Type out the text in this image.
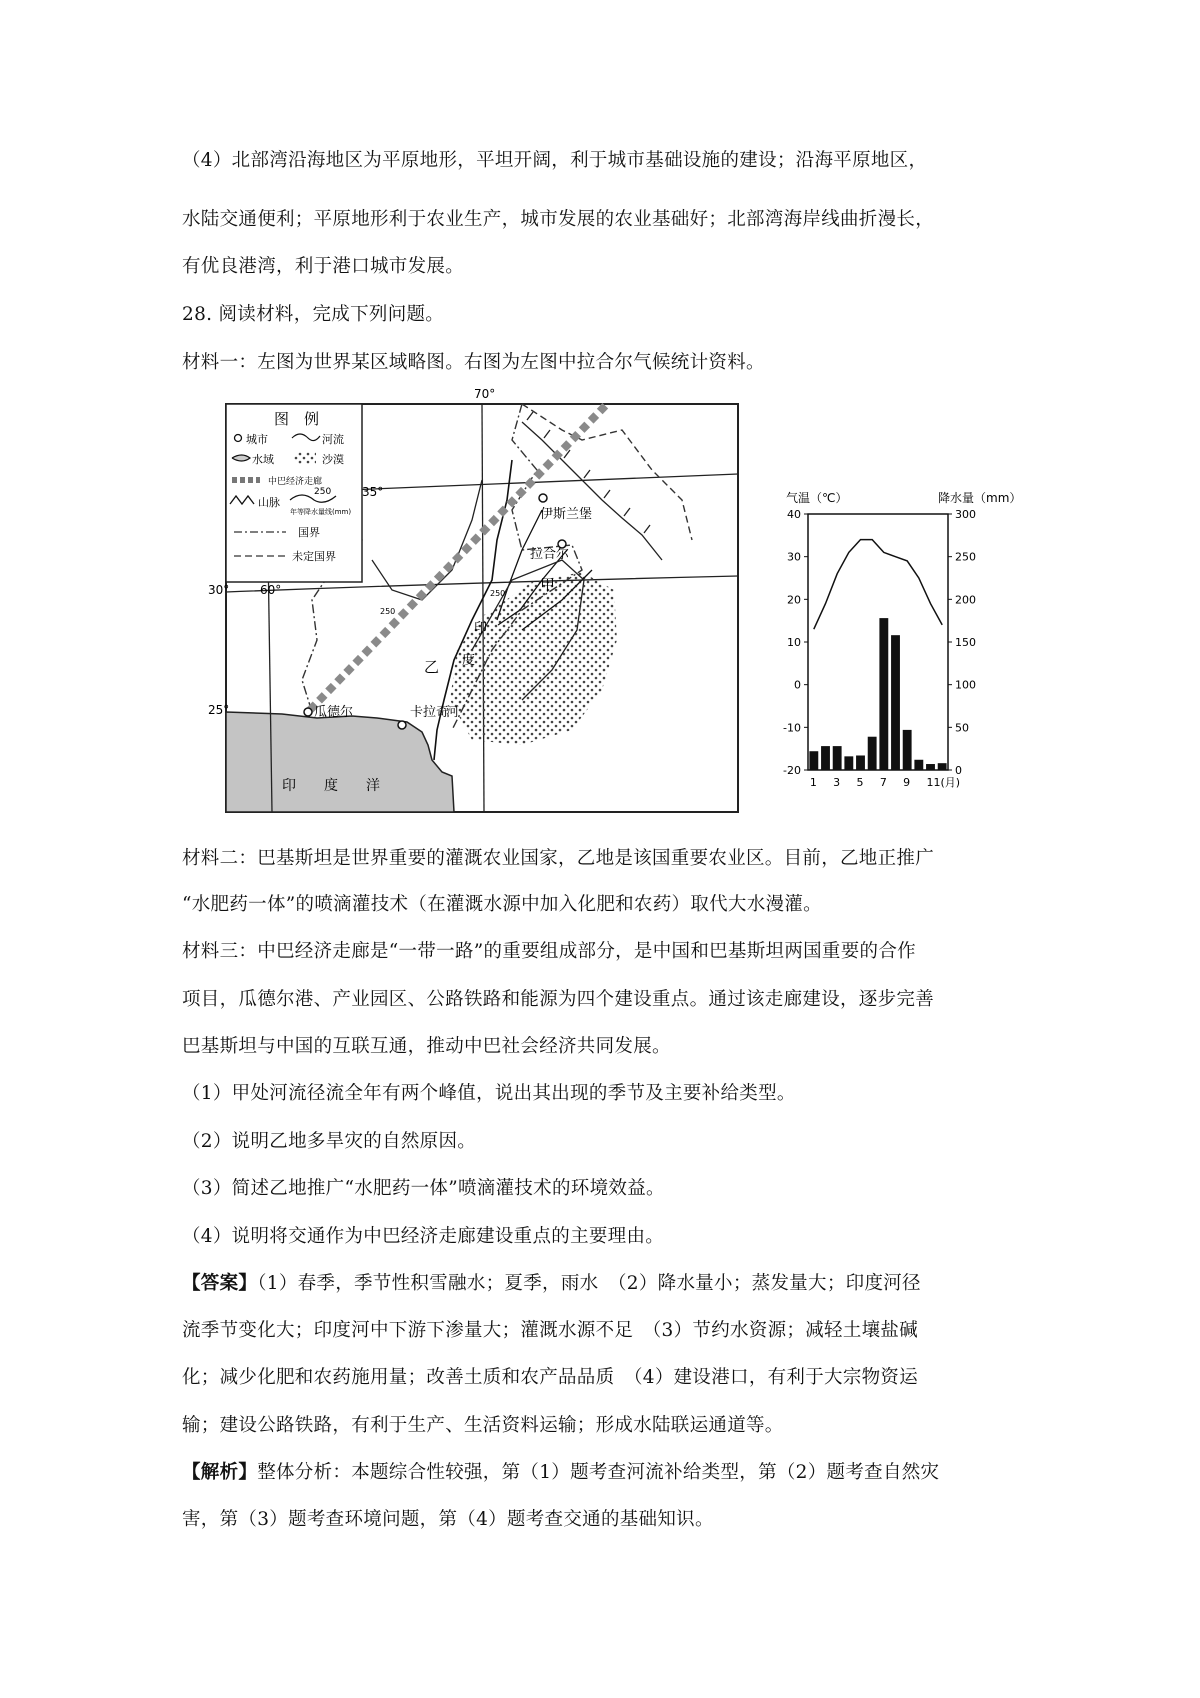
（4）北部湾沿海地区为平原地形，平坦开阔，利于城市基础设施的建设；沿海平原地区，
水陆交通便利；平原地形利于农业生产，城市发展的农业基础好；北部湾海岸线曲折漫长，
有优良港湾，利于港口城市发展。
28. 阅读材料，完成下列问题。
材料一：左图为世界某区域略图。右图为左图中拉合尔气候统计资料。
图　例
城市	河流
水域	沙漠
中巴经济走廊
山脉
250
年等降水量线(mm)
国界
未定国界
70°
35°
30°	60°
25°
伊斯兰堡
拉合尔
甲
乙
瓜德尔	卡拉奇
印
度
河
印　　度　　洋
250
250
气温（℃）	降水量（mm）
40
30
20
10
0
-10
-20
300
250
200
150
100
50
0
1 3 5 7 9 11(月)
材料二：巴基斯坦是世界重要的灌溉农业国家，乙地是该国重要农业区。目前，乙地正推广
“水肥药一体”的喷滴灌技术（在灌溉水源中加入化肥和农药）取代大水漫灌。
材料三：中巴经济走廊是“一带一路”的重要组成部分，是中国和巴基斯坦两国重要的合作
项目，瓜德尔港、产业园区、公路铁路和能源为四个建设重点。通过该走廊建设，逐步完善
巴基斯坦与中国的互联互通，推动中巴社会经济共同发展。
（1）甲处河流径流全年有两个峰值，说出其出现的季节及主要补给类型。
（2）说明乙地多旱灾的自然原因。
（3）简述乙地推广“水肥药一体”喷滴灌技术的环境效益。
（4）说明将交通作为中巴经济走廊建设重点的主要理由。
【答案】（1）春季，季节性积雪融水；夏季，雨水　（2）降水量小；蒸发量大；印度河径
流季节变化大；印度河中下游下渗量大；灌溉水源不足　（3）节约水资源；减轻土壤盐碱
化；减少化肥和农药施用量；改善土质和农产品品质　（4）建设港口，有利于大宗物资运
输；建设公路铁路，有利于生产、生活资料运输；形成水陆联运通道等。
【解析】整体分析：本题综合性较强，第（1）题考查河流补给类型，第（2）题考查自然灾
害，第（3）题考查环境问题，第（4）题考查交通的基础知识。
